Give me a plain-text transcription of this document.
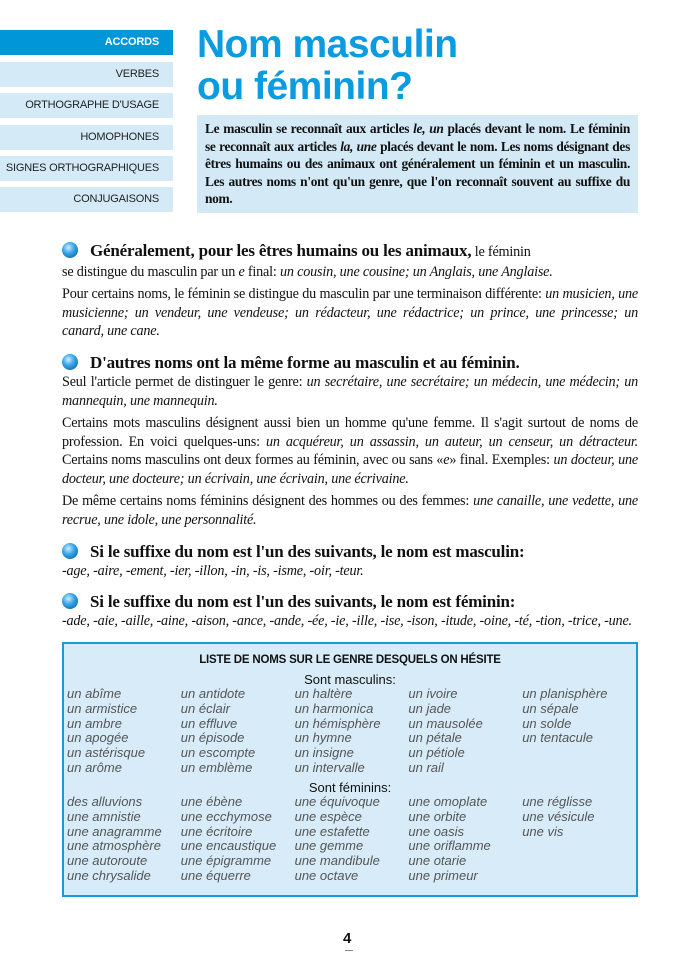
ACCORDS
VERBES
ORTHOGRAPHE D'USAGE
HOMOPHONES
SIGNES ORTHOGRAPHIQUES
CONJUGAISONS
Nom masculin
ou féminin?
Le masculin se reconnaît aux articles le, un placés devant le nom. Le féminin se reconnaît aux articles la, une placés devant le nom. Les noms désignant des êtres humains ou des animaux ont généralement un féminin et un masculin. Les autres noms n'ont qu'un genre, que l'on reconnaît souvent au suffixe du nom.
Généralement, pour les êtres humains ou les animaux, le féminin

se distingue du masculin par un e final: un cousin, une cousine; un Anglais, une Anglaise.

Pour certains noms, le féminin se distingue du masculin par une terminaison différente: un musicien, une musicienne; un vendeur, une vendeuse; un rédacteur, une rédactrice; un prince, une princesse; un canard, une cane.

D'autres noms ont la même forme au masculin et au féminin.

Seul l'article permet de distinguer le genre: un secrétaire, une secrétaire; un médecin, une médecin; un mannequin, une mannequin.

Certains mots masculins désignent aussi bien un homme qu'une femme. Il s'agit surtout de noms de profession. En voici quelques-uns: un acquéreur, un assassin, un auteur, un censeur, un détracteur. Certains noms masculins ont deux formes au féminin, avec ou sans «e» final. Exemples: un docteur, une docteur, une docteure; un écrivain, une écrivain, une écrivaine.

De même certains noms féminins désignent des hommes ou des femmes: une canaille, une vedette, une recrue, une idole, une personnalité.

Si le suffixe du nom est l'un des suivants, le nom est masculin:

-age, -aire, -ement, -ier, -illon, -in, -is, -isme, -oir, -teur.

Si le suffixe du nom est l'un des suivants, le nom est féminin:

-ade, -aie, -aille, -aine, -aison, -ance, -ande, -ée, -ie, -ille, -ise, -ison, -itude, -oine, -té, -tion, -trice, -une.

LISTE DE NOMS SUR LE GENRE DESQUELS ON HÉSITE
Sont masculins:
un abîme
un armistice
un ambre
un apogée
un astérisque
un arôme
un antidote
un éclair
un effluve
un épisode
un escompte
un emblème
un haltère
un harmonica
un hémisphère
un hymne
un insigne
un intervalle
un ivoire
un jade
un mausolée
un pétale
un pétiole
un rail
un planisphère
un sépale
un solde
un tentacule
Sont féminins:
des alluvions
une amnistie
une anagramme
une atmosphère
une autoroute
une chrysalide
une ébène
une ecchymose
une écritoire
une encaustique
une épigramme
une équerre
une équivoque
une espèce
une estafette
une gemme
une mandibule
une octave
une omoplate
une orbite
une oasis
une oriflamme
une otarie
une primeur
une réglisse
une vésicule
une vis
4
